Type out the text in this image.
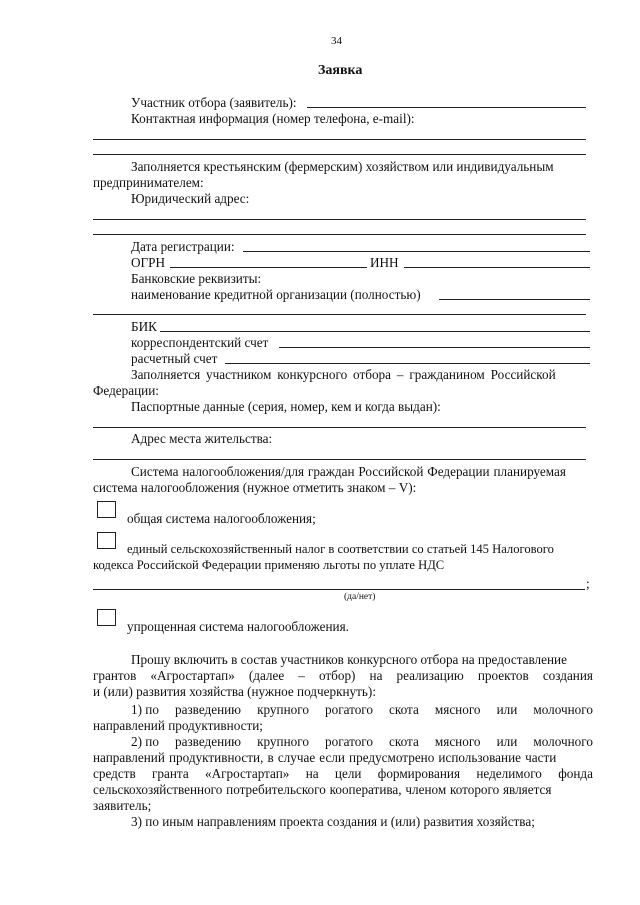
34
Заявка
Участник отбора (заявитель):
Контактная информация (номер телефона, e-mail):
Заполняется крестьянским (фермерским) хозяйством или индивидуальным
предпринимателем:
Юридический адрес:
Дата регистрации:
ОГРН	ИНН
Банковские реквизиты:
наименование кредитной организации (полностью)
БИК
корреспондентский счет
расчетный счет
Заполняется участником конкурсного отбора – гражданином Российской
Федерации:
Паспортные данные (серия, номер, кем и когда выдан):
Адрес места жительства:
Система налогообложения/для граждан Российской Федерации планируемая
система налогообложения (нужное отметить знаком – V):
общая система налогообложения;
единый сельскохозяйственный налог в соответствии со статьей 145 Налогового
кодекса Российской Федерации применяю льготы по уплате НДС
;
(да/нет)
упрощенная система налогообложения.
Прошу включить в состав участников конкурсного отбора на предоставление
грантов «Агростартап» (далее – отбор) на реализацию проектов создания
и (или) развития хозяйства (нужное подчеркнуть):
1) по разведению крупного рогатого скота мясного или молочного
направлений продуктивности;
2) по разведению крупного рогатого скота мясного или молочного
направлений продуктивности, в случае если предусмотрено использование части
средств гранта «Агростартап» на цели формирования неделимого фонда
сельскохозяйственного потребительского кооператива, членом которого является
заявитель;
3) по иным направлениям проекта создания и (или) развития хозяйства;
